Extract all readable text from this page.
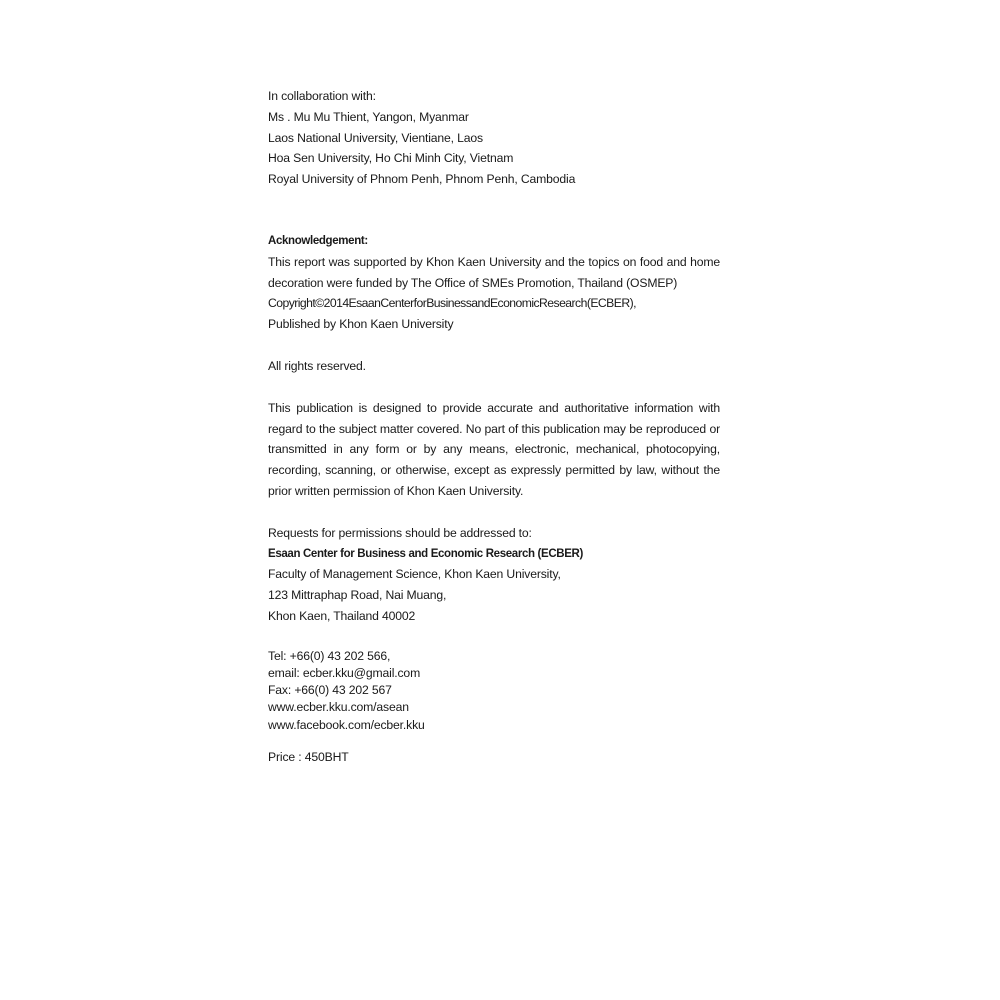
In collaboration with:
Ms . Mu Mu Thient, Yangon, Myanmar
Laos National University, Vientiane, Laos
Hoa Sen University, Ho Chi Minh City, Vietnam
Royal University of Phnom Penh, Phnom Penh, Cambodia
Acknowledgement:
This report was supported by Khon Kaen University and the topics on food and home decoration were funded by The Office of SMEs Promotion, Thailand (OSMEP)
Copyright©2014EsaanCenterforBusinessandEconomicResearch(ECBER),
Published by Khon Kaen University
All rights reserved.
This publication is designed to provide accurate and authoritative information with regard to the subject matter covered. No part of this publication may be reproduced or transmitted in any form or by any means, electronic, mechanical, photocopying, recording, scanning, or otherwise, except as expressly permitted by law, without the prior written permission of Khon Kaen University.
Requests for permissions should be addressed to:
Esaan Center for Business and Economic Research (ECBER)
Faculty of Management Science, Khon Kaen University,
123 Mittraphap Road, Nai Muang,
Khon Kaen, Thailand 40002
Tel: +66(0) 43 202 566,
email: ecber.kku@gmail.com
Fax: +66(0) 43 202 567
www.ecber.kku.com/asean
www.facebook.com/ecber.kku
Price : 450BHT
